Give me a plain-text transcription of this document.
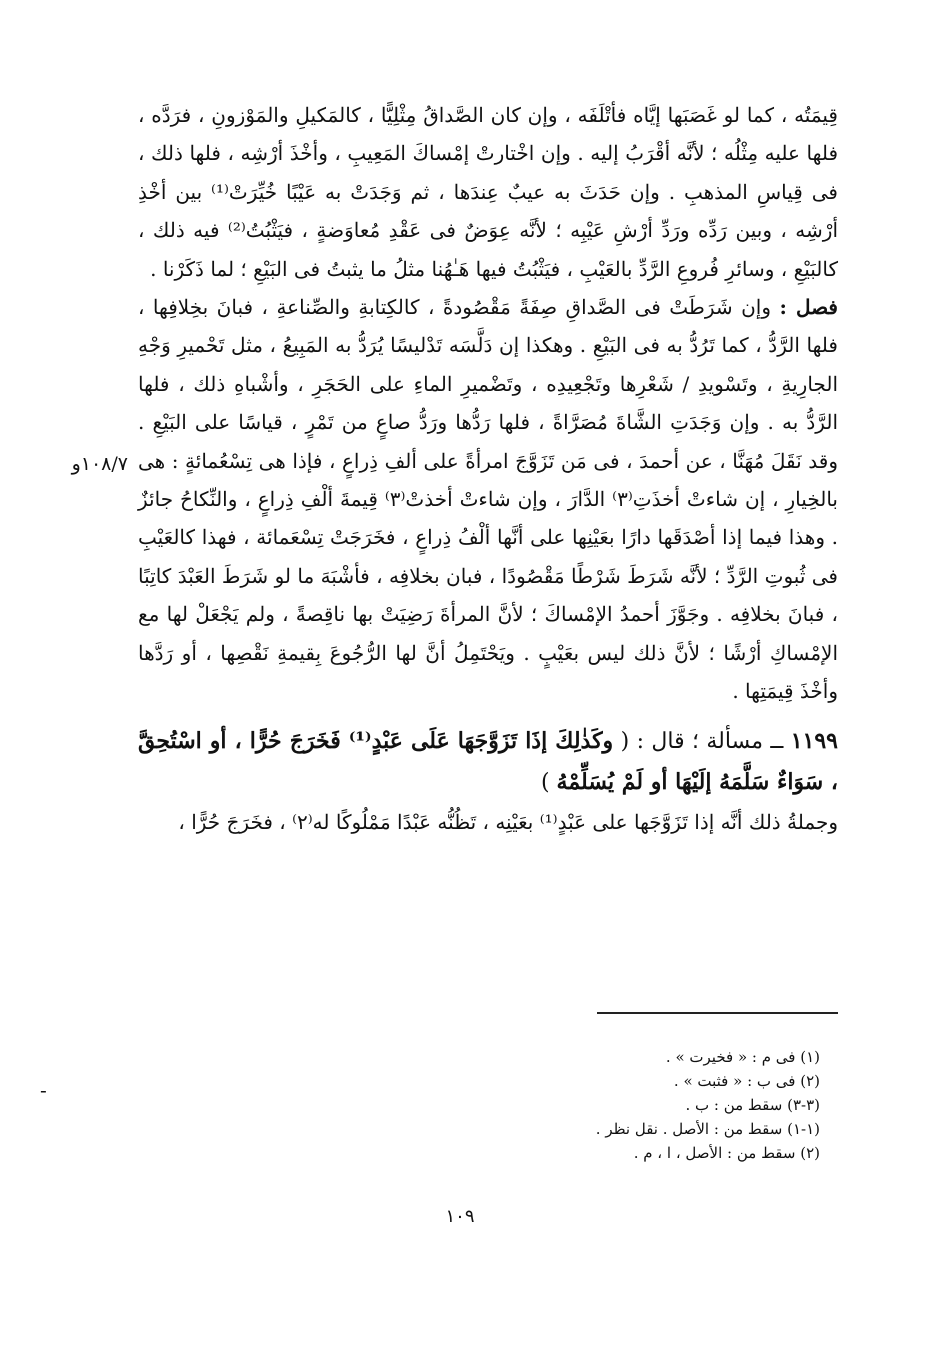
قِيمَتُه ، كما لو غَصَبَها إيَّاه فأتْلَفَه ، وإن كان الصَّداقُ مِثْلِيًّا ، كالمَكيلِ والمَوْزونِ ، فرَدَّه ، فلها عليه مِثْلُه ؛ لأنَّه أقْرَبُ إليه . وإن اخْتارتْ إمْساكَ المَعِيبِ ، وأخْذَ أرْشِه ، فلها ذلك ، فى قِياسِ المذهبِ . وإن حَدَثَ به عيبٌ عِندَها ، ثم وَجَدَتْ به عَيْبًا خُيِّرَتْ⁽¹⁾ بين أخْذِ أرْشِه ، وبين رَدِّه ورَدِّ أرْشِ عَيْبِه ؛ لأنَّه عِوَضٌ فى عَقْدِ مُعاوَضةٍ ، فيَثْبُتُ⁽²⁾ فيه ذلك ، كالبَيْعِ ، وسائرِ فُروعِ الرَّدِّ بالعَيْبِ ، فيَثْبُتُ فيها هَـٰهُنا مثلُ ما يثبتُ فى البَيْعِ ؛ لما ذَكَرْنا .

فصل : وإن شَرَطَتْ فى الصَّداقِ صِفَةً مَقْصُودةً ، كالكِتابةِ والصِّناعةِ ، فبانَ بخِلافِها ، فلها الرَّدُّ ، كما تَرُدُّ به فى البَيْعِ . وهكذا إن دَلَّسَه تَدْليسًا يُرَدُّ به المَبِيعُ ، مثل تَحْميرِ وَجْهِ الجارِيةِ ، وتَسْويدِ / شَعْرِها وتَجْعِيدِه ، وتَضْميرِ الماءِ على الحَجَرِ ، وأشْباهِ ذلك ، فلها الرَّدُّ به . وإن وَجَدَتِ الشَّاةَ مُصَرَّاةً ، فلها رَدُّها ورَدُّ صاعٍ من تَمْرٍ ، قياسًا على البَيْعِ . وقد نَقَلَ مُهَنَّا ، عن أحمدَ ، فى مَن تَزَوَّجَ امرأةً على ألفِ ذِراعٍ ، فإذا هى تِسْعُمائةٍ : هى بالخِيارِ ، إن شاءتْ أخذَتِ⁽٣⁾ الدَّارَ ، وإن شاءتْ أخذتْ⁽٣⁾ قِيمةَ ألْفِ ذِراعٍ ، والنِّكاحُ جائزٌ . وهذا فيما إذا أصْدَقَها دارًا بعَيْنِها على أنَّها ألْفُ ذِراعٍ ، فخَرَجَتْ تِسْعَمائة ، فهذا كالعَيْبِ فى ثُبوتِ الرَّدِّ ؛ لأنَّه شَرَطَ شَرْطًا مَقْصُودًا ، فبان بخلافِه ، فأشْبَهَ ما لو شَرَطَ العَبْدَ كاتِبًا ، فبانَ بخلافِه . وجَوَّزَ أحمدُ الإمْساكَ ؛ لأنَّ المرأةَ رَضِيَتْ بها ناقِصةً ، ولم يَجْعَلْ لها مع الإمْساكِ أرْشًا ؛ لأنَّ ذلك ليس بعَيْبٍ . ويَحْتَمِلُ أنَّ لها الرُّجُوعَ بِقيمةِ نَقْصِها ، أو رَدَّها وأخْذَ قِيمَتِها .

١١٩٩ ــ مسألة ؛ قال : ( وكَذٰلِكَ إذَا تَزَوَّجَهَا عَلَى عَبْدٍ⁽¹⁾ فَخَرَجَ حُرًّا ، أو اسْتُحِقَّ ، سَوَاءٌ سَلَّمَهُ إلَيْهَا أو لَمْ يُسَلِّمْهُ )

وجملةُ ذلك أنَّه إذا تَزَوَّجَها على عَبْدٍ⁽¹⁾ بعَيْنِه ، تَظُنُّه عَبْدًا مَمْلُوكًا له⁽٢⁾ ، فخَرَجَ حُرًّا ،

١٠٨/٧و
-

(١) فى م : « فخيرت » .

(٢) فى ب : « فثبت » .

(٣-٣) سقط من : ب .

(١-١) سقط من : الأصل . نقل نظر .

(٢) سقط من : الأصل ، ا ، م .

١٠٩
